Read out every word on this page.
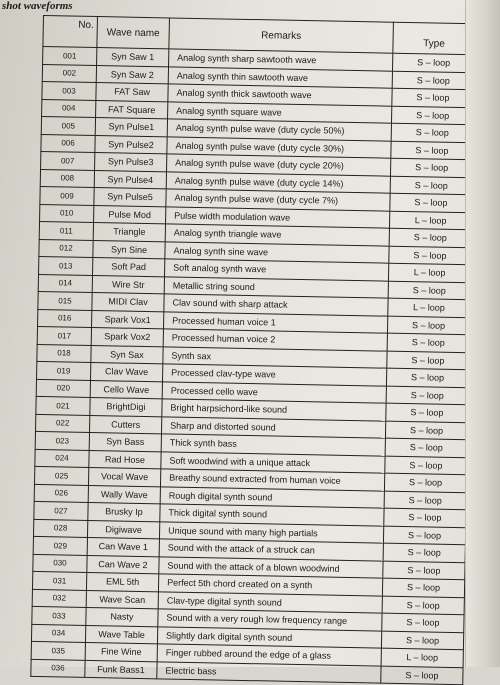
shot waveforms
No.	Wave name	Remarks	Type
001	Syn Saw 1	Analog synth sharp sawtooth wave	S – loop
002	Syn Saw 2	Analog synth thin sawtooth wave	S – loop
003	FAT Saw	Analog synth thick sawtooth wave	S – loop
004	FAT Square	Analog synth square wave	S – loop
005	Syn Pulse1	Analog synth pulse wave (duty cycle 50%)	S – loop
006	Syn Pulse2	Analog synth pulse wave (duty cycle 30%)	S – loop
007	Syn Pulse3	Analog synth pulse wave (duty cycle 20%)	S – loop
008	Syn Pulse4	Analog synth pulse wave (duty cycle 14%)	S – loop
009	Syn Pulse5	Analog synth pulse wave (duty cycle 7%)	S – loop
010	Pulse Mod	Pulse width modulation wave	L – loop
011	Triangle	Analog synth triangle wave	S – loop
012	Syn Sine	Analog synth sine wave	S – loop
013	Soft Pad	Soft analog synth wave	L – loop
014	Wire Str	Metallic string sound	S – loop
015	MIDI Clav	Clav sound with sharp attack	L – loop
016	Spark Vox1	Processed human voice 1	S – loop
017	Spark Vox2	Processed human voice 2	S – loop
018	Syn Sax	Synth sax	S – loop
019	Clav Wave	Processed clav-type wave	S – loop
020	Cello Wave	Processed cello wave	S – loop
021	BrightDigi	Bright harpsichord-like sound	S – loop
022	Cutters	Sharp and distorted sound	S – loop
023	Syn Bass	Thick synth bass	S – loop
024	Rad Hose	Soft woodwind with a unique attack	S – loop
025	Vocal Wave	Breathy sound extracted from human voice	S – loop
026	Wally Wave	Rough digital synth sound	S – loop
027	Brusky Ip	Thick digital synth sound	S – loop
028	Digiwave	Unique sound with many high partials	S – loop
029	Can Wave 1	Sound with the attack of a struck can	S – loop
030	Can Wave 2	Sound with the attack of a blown woodwind	S – loop
031	EML 5th	Perfect 5th chord created on a synth	S – loop
032	Wave Scan	Clav-type digital synth sound	S – loop
033	Nasty	Sound with a very rough low frequency range	S – loop
034	Wave Table	Slightly dark digital synth sound	S – loop
035	Fine Wine	Finger rubbed around the edge of a glass	L – loop
036	Funk Bass1	Electric bass	S – loop
